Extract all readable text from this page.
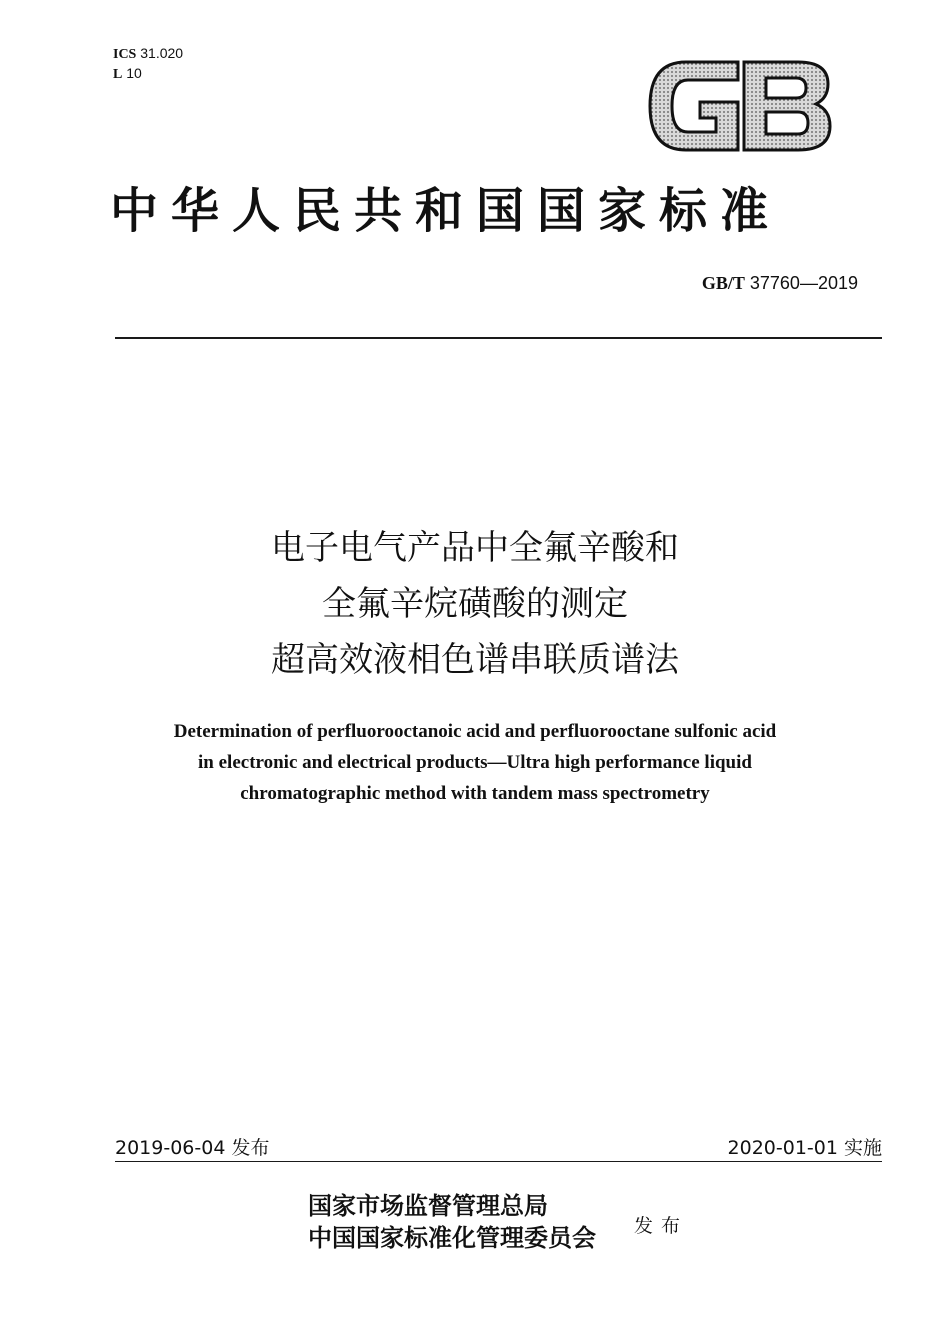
ICS 31.020
L 10
中华人民共和国国家标准
GB/T 37760—2019
电子电气产品中全氟辛酸和
全氟辛烷磺酸的测定
超高效液相色谱串联质谱法
Determination of perfluorooctanoic acid and perfluorooctane sulfonic acid
in electronic and electrical products—Ultra high performance liquid
chromatographic method with tandem mass spectrometry
2019-06-04 发布	2020-01-01 实施
国家市场监督管理总局
中国国家标准化管理委员会 发布
